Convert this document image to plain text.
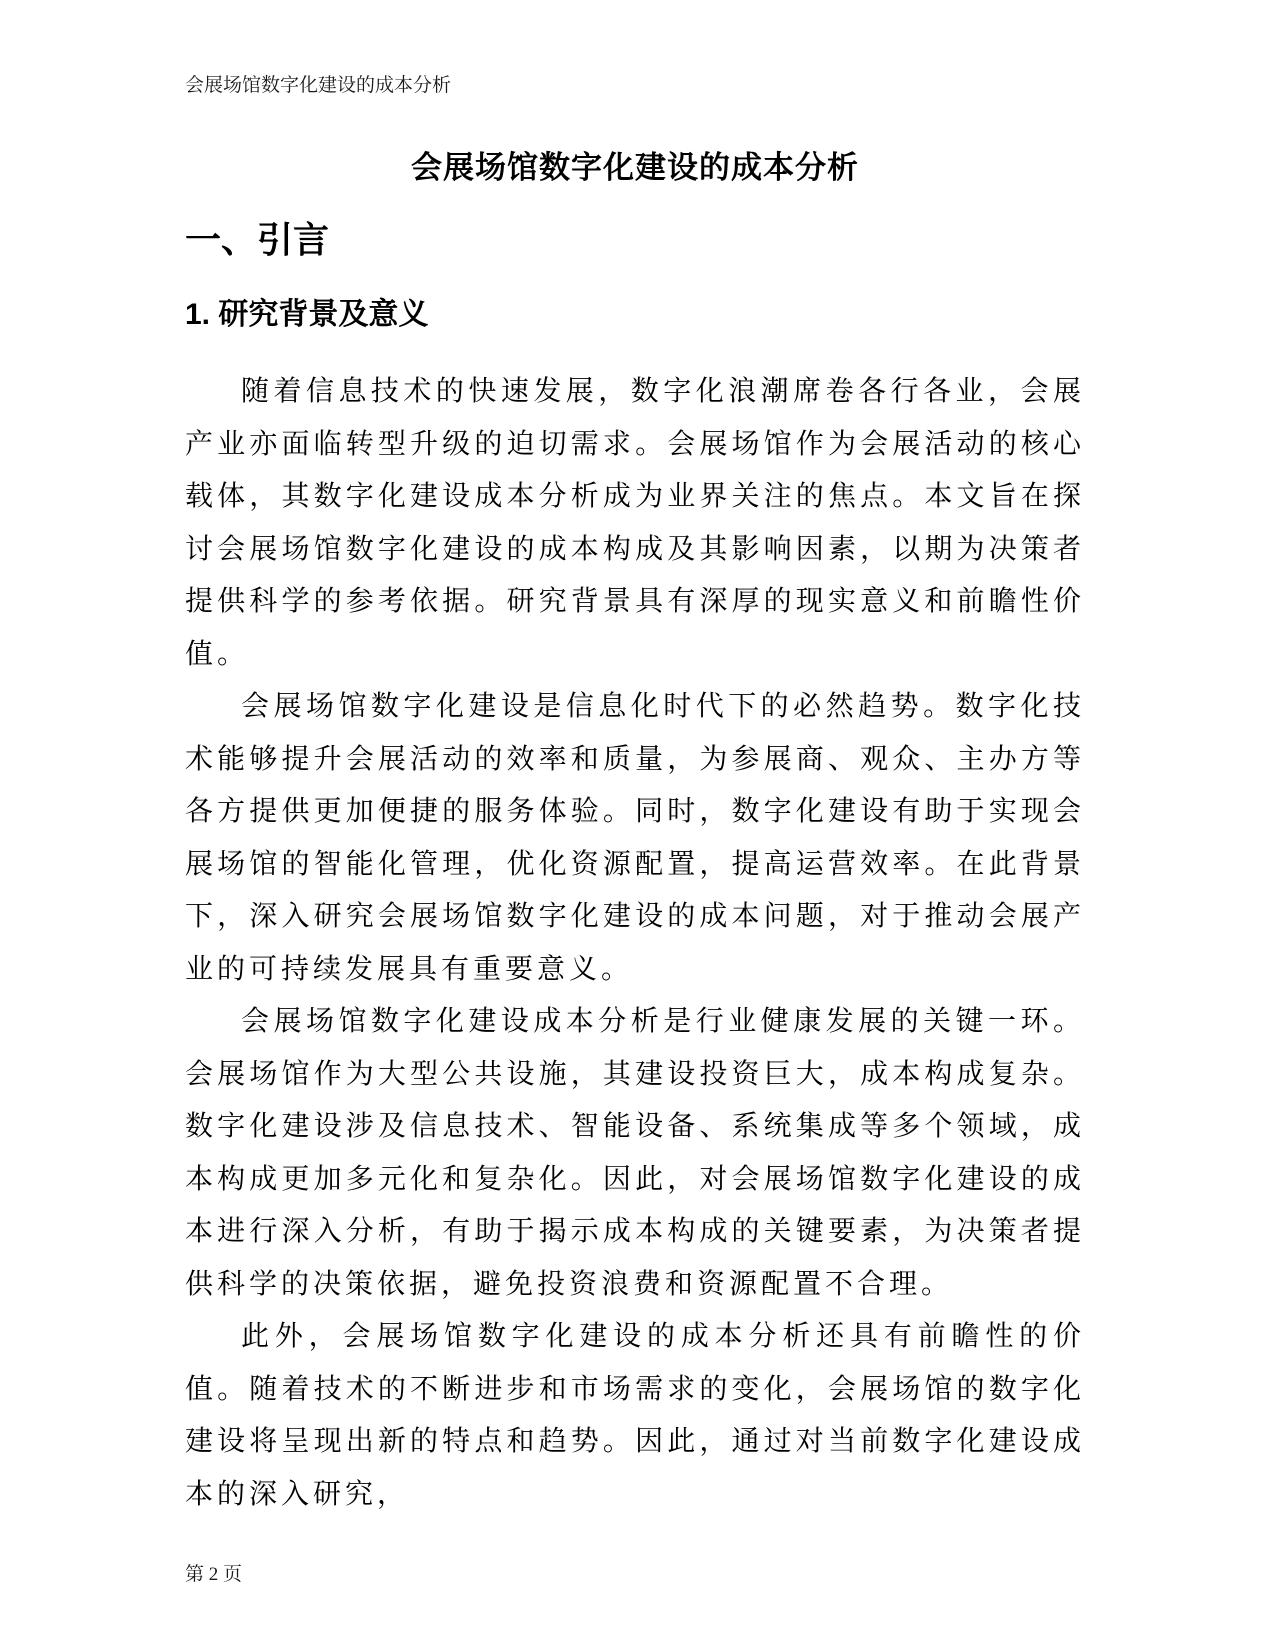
会展场馆数字化建设的成本分析
会展场馆数字化建设的成本分析
一、引言
1. 研究背景及意义

随着信息技术的快速发展，数字化浪潮席卷各行各业，会展产业亦面临转型升级的迫切需求。会展场馆作为会展活动的核心载体，其数字化建设成本分析成为业界关注的焦点。本文旨在探讨会展场馆数字化建设的成本构成及其影响因素，以期为决策者提供科学的参考依据。研究背景具有深厚的现实意义和前瞻性价值。

会展场馆数字化建设是信息化时代下的必然趋势。数字化技术能够提升会展活动的效率和质量，为参展商、观众、主办方等各方提供更加便捷的服务体验。同时，数字化建设有助于实现会展场馆的智能化管理，优化资源配置，提高运营效率。在此背景下，深入研究会展场馆数字化建设的成本问题，对于推动会展产业的可持续发展具有重要意义。

会展场馆数字化建设成本分析是行业健康发展的关键一环。会展场馆作为大型公共设施，其建设投资巨大，成本构成复杂。数字化建设涉及信息技术、智能设备、系统集成等多个领域，成本构成更加多元化和复杂化。因此，对会展场馆数字化建设的成本进行深入分析，有助于揭示成本构成的关键要素，为决策者提供科学的决策依据，避免投资浪费和资源配置不合理。

此外，会展场馆数字化建设的成本分析还具有前瞻性的价值。随着技术的不断进步和市场需求的变化，会展场馆的数字化建设将呈现出新的特点和趋势。因此，通过对当前数字化建设成本的深入研究，

第 2 页
